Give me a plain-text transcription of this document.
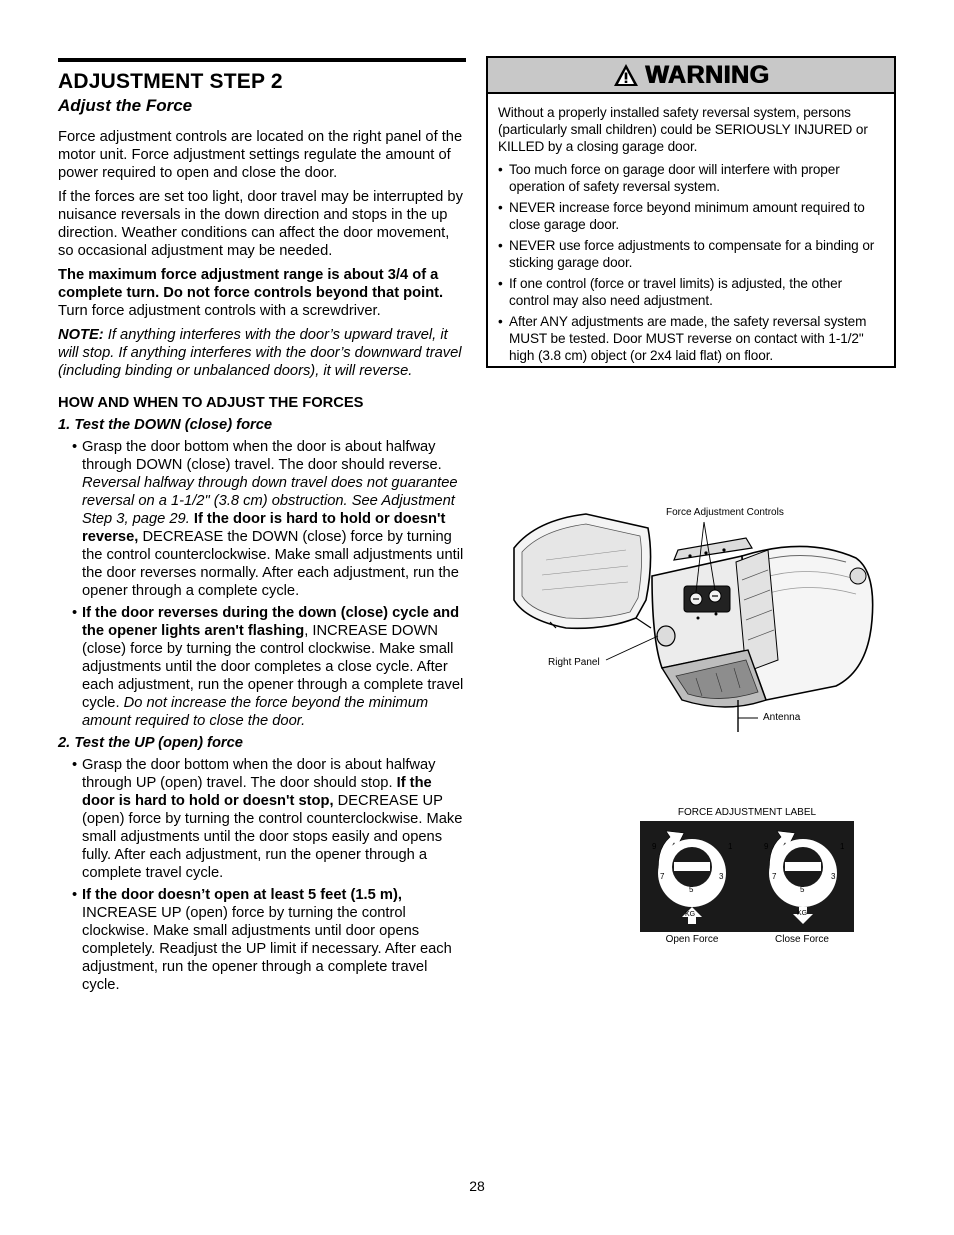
ADJUSTMENT STEP 2
Adjust the Force

Force adjustment controls are located on the right panel of the motor unit. Force adjustment settings regulate the amount of power required to open and close the door.

If the forces are set too light, door travel may be interrupted by nuisance reversals in the down direction and stops in the up direction. Weather conditions can affect the door movement, so occasional adjustment may be needed.

The maximum force adjustment range is about 3/4 of a complete turn. Do not force controls beyond that point. Turn force adjustment controls with a screwdriver.

NOTE: If anything interferes with the door’s upward travel, it will stop. If anything interferes with the door’s downward travel (including binding or unbalanced doors), it will reverse.

HOW AND WHEN TO ADJUST THE FORCES
1. Test the DOWN (close) force
• Grasp the door bottom when the door is about halfway through DOWN (close) travel. The door should reverse. Reversal halfway through down travel does not guarantee reversal on a 1-1/2" (3.8 cm) obstruction. See Adjustment Step 3, page 29. If the door is hard to hold or doesn't reverse, DECREASE the DOWN (close) force by turning the control counterclockwise. Make small adjustments until the door reverses normally. After each adjustment, run the opener through a complete cycle.
• If the door reverses during the down (close) cycle and the opener lights aren't flashing, INCREASE DOWN (close) force by turning the control clockwise. Make small adjustments until the door completes a close cycle. After each adjustment, run the opener through a complete travel cycle. Do not increase the force beyond the minimum amount required to close the door.
2. Test the UP (open) force
• Grasp the door bottom when the door is about halfway through UP (open) travel. The door should stop. If the door is hard to hold or doesn't stop, DECREASE UP (open) force by turning the control counterclockwise. Make small adjustments until the door stops easily and opens fully. After each adjustment, run the opener through a complete travel cycle.
• If the door doesn’t open at least 5 feet (1.5 m), INCREASE UP (open) force by turning the control clockwise. Make small adjustments until door opens completely. Readjust the UP limit if necessary. After each adjustment, run the opener through a complete travel cycle.
WARNING

Without a properly installed safety reversal system, persons (particularly small children) could be SERIOUSLY INJURED or KILLED by a closing garage door.

• Too much force on garage door will interfere with proper operation of safety reversal system.
• NEVER increase force beyond minimum amount required to close garage door.
• NEVER use force adjustments to compensate for a binding or sticking garage door.
• If one control (force or travel limits) is adjusted, the other control may also need adjustment.
• After ANY adjustments are made, the safety reversal system MUST be tested. Door MUST reverse on contact with 1-1/2" high (3.8 cm) object (or 2x4 laid flat) on floor.
Force Adjustment Controls
Right Panel
Antenna
FORCE ADJUSTMENT LABEL
9	1
7	3
5
KG
9	1
7	3
5
KG
Open Force	Close Force
28
